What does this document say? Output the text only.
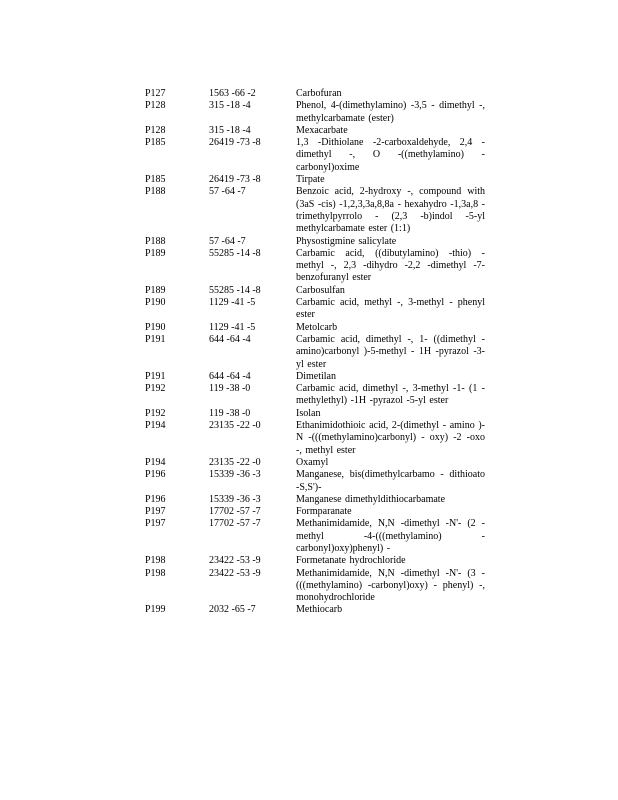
P127	1563 -66 -2	Carbofuran
P128	315 -18 -4	Phenol, 4-(dimethylamino) -3,5 - dimethyl -, methylcarbamate (ester)
P128	315 -18 -4	Mexacarbate
P185	26419 -73 -8	1,3 -Dithiolane -2-carboxaldehyde, 2,4 - dimethyl -, O -((methylamino) - carbonyl)oxime
P185	26419 -73 -8	Tirpate
P188	57 -64 -7	Benzoic acid, 2-hydroxy -, compound with (3aS -cis) -1,2,3,3a,8,8a - hexahydro -1,3a,8 -trimethylpyrrolo - (2,3 -b)indol -5-yl methylcarbamate ester (1:1)
P188	57 -64 -7	Physostigmine salicylate
P189	55285 -14 -8	Carbamic acid, ((dibutylamino) -thio) - methyl -, 2,3 -dihydro -2,2 -dimethyl -7- benzofuranyl ester
P189	55285 -14 -8	Carbosulfan
P190	1129 -41 -5	Carbamic acid, methyl -, 3-methyl - phenyl ester
P190	1129 -41 -5	Metolcarb
P191	644 -64 -4	Carbamic acid, dimethyl -, 1- ((dimethyl -amino)carbonyl )-5-methyl - 1H -pyrazol -3-yl ester
P191	644 -64 -4	Dimetilan
P192	119 -38 -0	Carbamic acid, dimethyl -, 3-methyl -1- (1 -methylethyl) -1H -pyrazol -5-yl ester
P192	119 -38 -0	Isolan
P194	23135 -22 -0	Ethanimidothioic acid, 2-(dimethyl - amino )-N -(((methylamino)carbonyl) - oxy) -2 -oxo -, methyl ester
P194	23135 -22 -0	Oxamyl
P196	15339 -36 -3	Manganese, bis(dimethylcarbamo - dithioato -S,S')-
P196	15339 -36 -3	Manganese dimethyldithiocarbamate
P197	17702 -57 -7	Formparanate
P197	17702 -57 -7	Methanimidamide, N,N -dimethyl -N'- (2 -methyl -4-(((methylamino) - carbonyl)oxy)phenyl) -
P198	23422 -53 -9	Formetanate hydrochloride
P198	23422 -53 -9	Methanimidamide, N,N -dimethyl -N'- (3 -(((methylamino) -carbonyl)oxy) - phenyl) -, monohydrochloride
P199	2032 -65 -7	Methiocarb
